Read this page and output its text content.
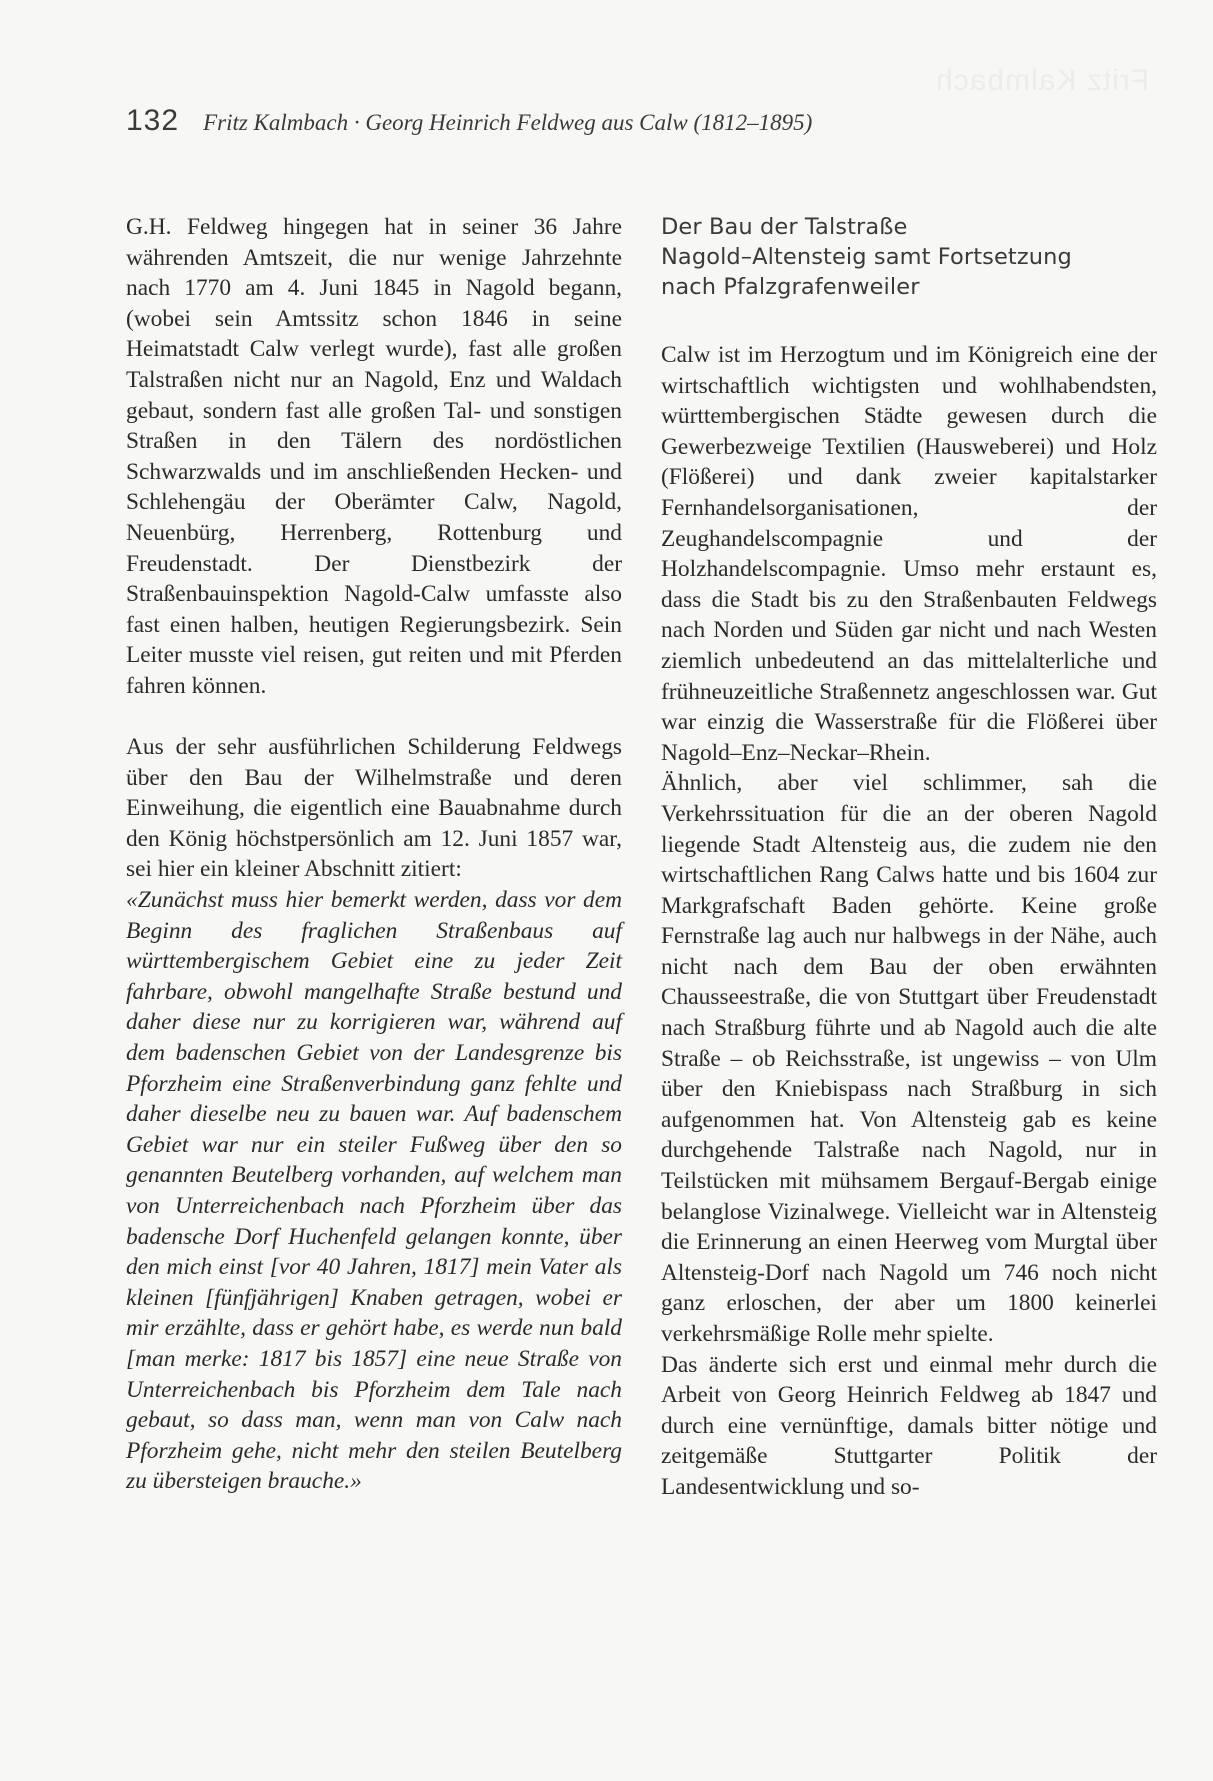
Fritz Kalmbach
132 Fritz Kalmbach · Georg Heinrich Feldweg aus Calw (1812–1895)

G.H. Feldweg hingegen hat in seiner 36 Jahre währenden Amtszeit, die nur wenige Jahrzehnte nach 1770 am 4. Juni 1845 in Nagold begann, (wobei sein Amtssitz schon 1846 in seine Heimatstadt Calw verlegt wurde), fast alle großen Talstraßen nicht nur an Nagold, Enz und Waldach gebaut, sondern fast alle großen Tal- und sonstigen Straßen in den Tälern des nordöstlichen Schwarzwalds und im anschließenden Hecken- und Schlehengäu der Oberämter Calw, Nagold, Neuenbürg, Herrenberg, Rottenburg und Freudenstadt. Der Dienstbezirk der Straßenbauinspektion Nagold-Calw umfasste also fast einen halben, heutigen Regierungsbezirk. Sein Leiter musste viel reisen, gut reiten und mit Pferden fahren können.

Aus der sehr ausführlichen Schilderung Feldwegs über den Bau der Wilhelmstraße und deren Einweihung, die eigentlich eine Bauabnahme durch den König höchstpersönlich am 12. Juni 1857 war, sei hier ein kleiner Abschnitt zitiert:

«Zunächst muss hier bemerkt werden, dass vor dem Beginn des fraglichen Straßenbaus auf württembergischem Gebiet eine zu jeder Zeit fahrbare, obwohl mangelhafte Straße bestund und daher diese nur zu korrigieren war, während auf dem badenschen Gebiet von der Landesgrenze bis Pforzheim eine Straßenverbindung ganz fehlte und daher dieselbe neu zu bauen war. Auf badenschem Gebiet war nur ein steiler Fußweg über den so genannten Beutelberg vorhanden, auf welchem man von Unterreichenbach nach Pforzheim über das badensche Dorf Huchenfeld gelangen konnte, über den mich einst [vor 40 Jahren, 1817] mein Vater als kleinen [fünfjährigen] Knaben getragen, wobei er mir erzählte, dass er gehört habe, es werde nun bald [man merke: 1817 bis 1857] eine neue Straße von Unterreichenbach bis Pforzheim dem Tale nach gebaut, so dass man, wenn man von Calw nach Pforzheim gehe, nicht mehr den steilen Beutelberg zu übersteigen brauche.»

Der Bau der Talstraße
Nagold–Altensteig samt Fortsetzung
nach Pfalzgrafenweiler

Calw ist im Herzogtum und im Königreich eine der wirtschaftlich wichtigsten und wohlhabendsten, württembergischen Städte gewesen durch die Gewerbezweige Textilien (Hausweberei) und Holz (Flößerei) und dank zweier kapitalstarker Fernhandelsorganisationen, der Zeughandelscompagnie und der Holzhandelscompagnie. Umso mehr erstaunt es, dass die Stadt bis zu den Straßenbauten Feldwegs nach Norden und Süden gar nicht und nach Westen ziemlich unbedeutend an das mittelalterliche und frühneuzeitliche Straßennetz angeschlossen war. Gut war einzig die Wasserstraße für die Flößerei über Nagold–Enz–Neckar–Rhein.

Ähnlich, aber viel schlimmer, sah die Verkehrssituation für die an der oberen Nagold liegende Stadt Altensteig aus, die zudem nie den wirtschaftlichen Rang Calws hatte und bis 1604 zur Markgrafschaft Baden gehörte. Keine große Fernstraße lag auch nur halbwegs in der Nähe, auch nicht nach dem Bau der oben erwähnten Chausseestraße, die von Stuttgart über Freudenstadt nach Straßburg führte und ab Nagold auch die alte Straße – ob Reichsstraße, ist ungewiss – von Ulm über den Kniebispass nach Straßburg in sich aufgenommen hat. Von Altensteig gab es keine durchgehende Talstraße nach Nagold, nur in Teilstücken mit mühsamem Bergauf-Bergab einige belanglose Vizinalwege. Vielleicht war in Altensteig die Erinnerung an einen Heerweg vom Murgtal über Altensteig-Dorf nach Nagold um 746 noch nicht ganz erloschen, der aber um 1800 keinerlei verkehrsmäßige Rolle mehr spielte.

Das änderte sich erst und einmal mehr durch die Arbeit von Georg Heinrich Feldweg ab 1847 und durch eine vernünftige, damals bitter nötige und zeitgemäße Stuttgarter Politik der Landesentwicklung und so-
